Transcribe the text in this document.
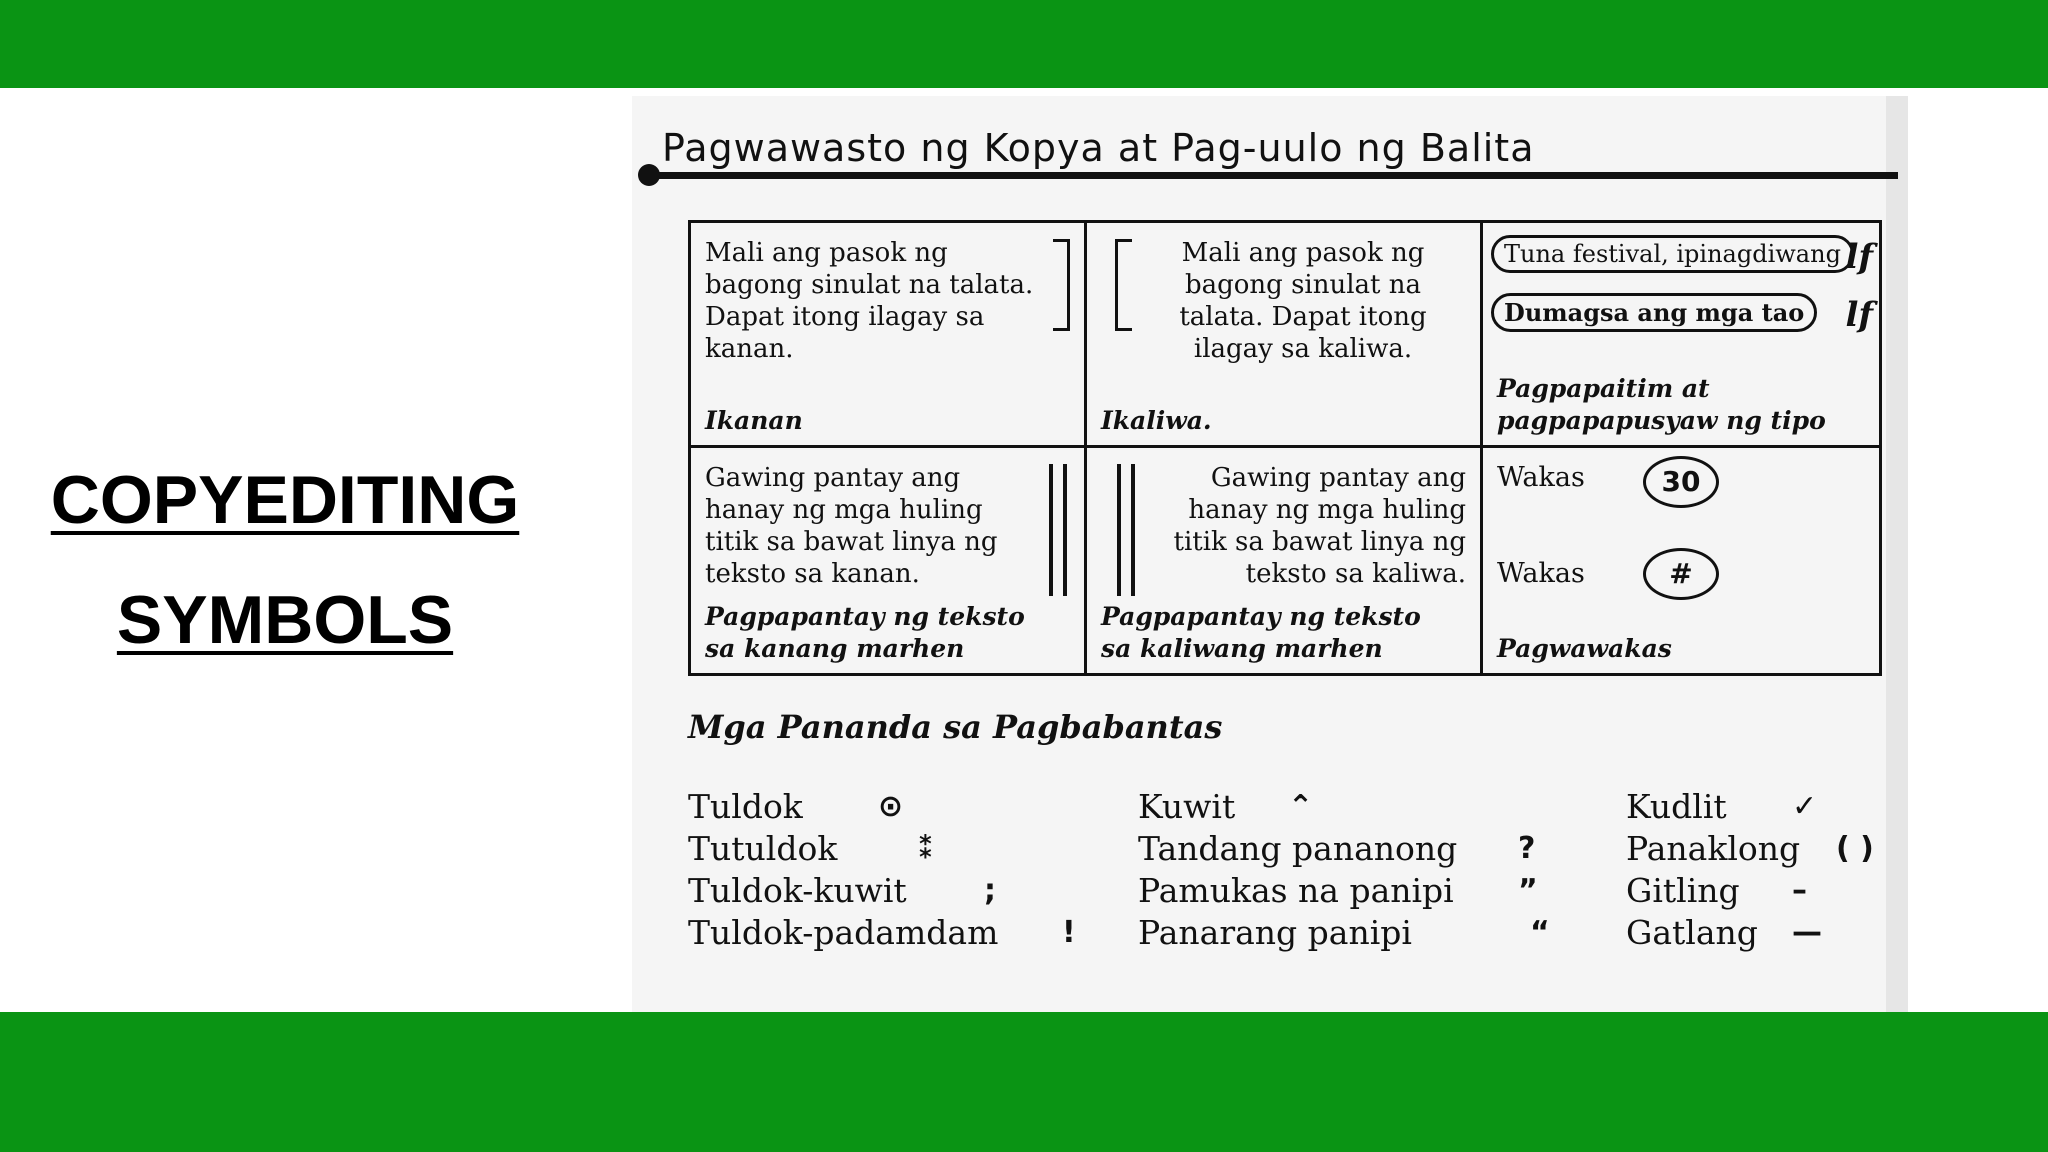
COPYEDITING
SYMBOLS
Pagwawasto ng Kopya at Pag-uulo ng Balita
Mali ang pasok ng bagong sinulat na talata. Dapat itong ilagay sa kanan.
Ikanan
Mali ang pasok ng bagong sinulat na talata. Dapat itong ilagay sa kaliwa.
Ikaliwa.
Tuna festival, ipinagdiwang lf
Dumagsa ang mga tao	lf
Pagpapaitim at
pagpapapusyaw ng tipo
Gawing pantay ang hanay ng mga huling titik sa bawat linya ng teksto sa kanan.
Pagpapantay ng teksto
sa kanang marhen
Gawing pantay ang hanay ng mga huling titik sa bawat linya ng teksto sa kaliwa.
Pagpapantay ng teksto
sa kaliwang marhen
Wakas	30
Wakas	#
Pagwawakas
Mga Pananda sa Pagbabantas
Tuldok	⊙
Tutuldok	⁑
Tuldok-kuwit	;
Tuldok-padamdam !
Kuwit ⌃
Tandang pananong ?
Pamukas na panipi ”
Panarang panipi	“
Kudlit ✓
Panaklong ( )
Gitling –
Gatlang —
